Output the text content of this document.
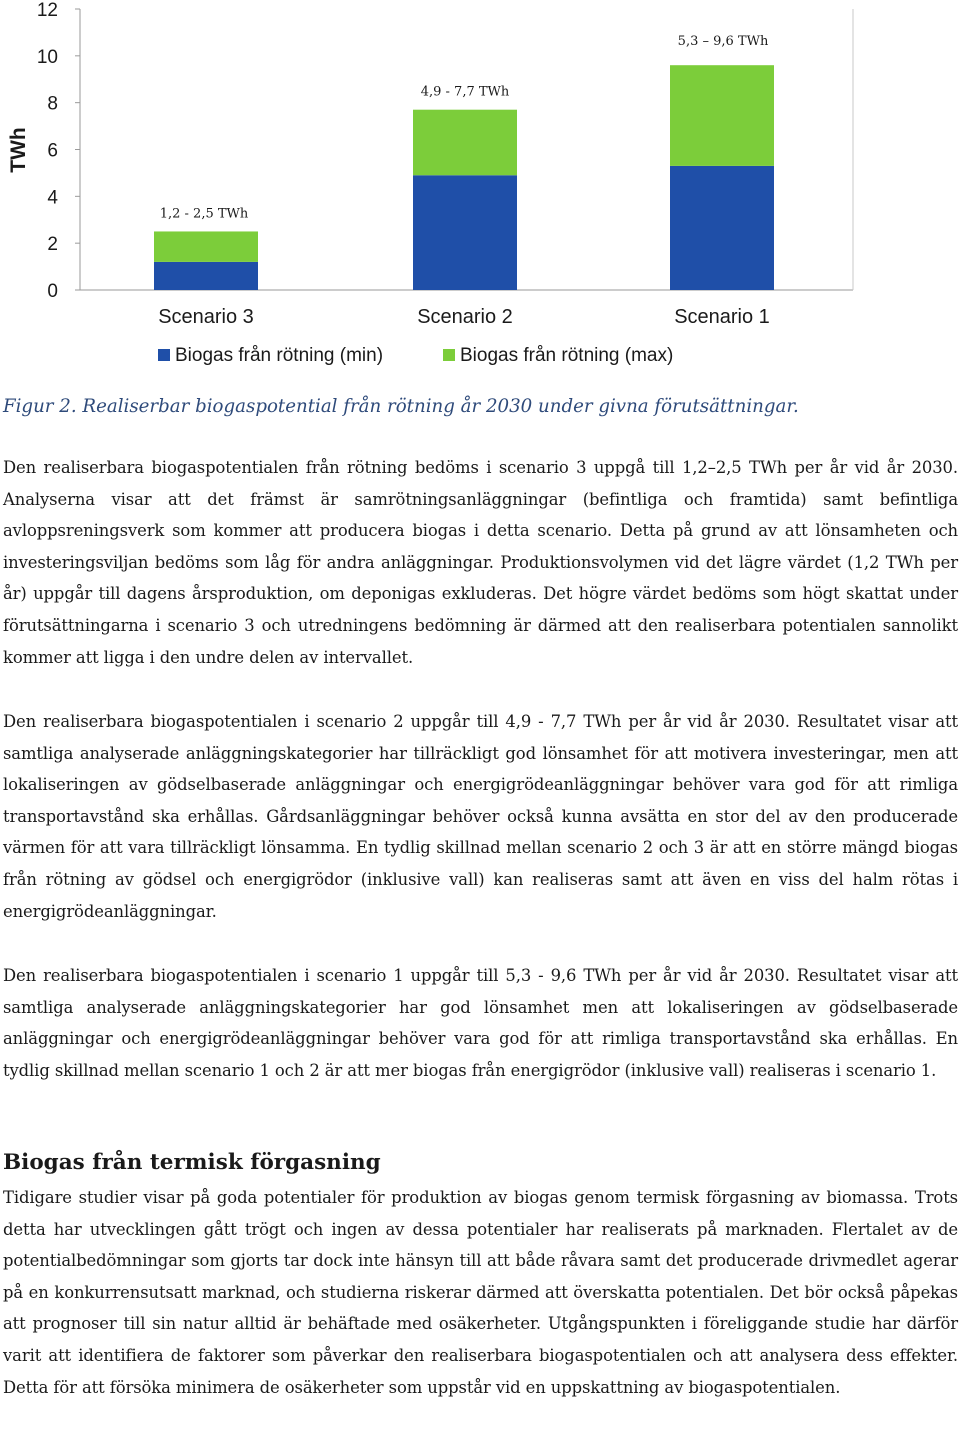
0
2
4
6
8
10
12
TWh
Scenario 3
1,2 - 2,5 TWh
Scenario 2
4,9 - 7,7 TWh
Scenario 1
5,3 – 9,6 TWh
Biogas från rötning (min)	Biogas från rötning (max)

Figur 2. Realiserbar biogaspotential från rötning år 2030 under givna förutsättningar.

Den realiserbara biogaspotentialen från rötning bedöms i scenario 3 uppgå till 1,2–2,5 TWh per år vid år 2030. Analyserna visar att det främst är samrötningsanläggningar (befintliga och framtida) samt befintliga avloppsreningsverk som kommer att producera biogas i detta scenario. Detta på grund av att lönsamheten och investeringsviljan bedöms som låg för andra anläggningar. Produktionsvolymen vid det lägre värdet (1,2 TWh per år) uppgår till dagens årsproduktion, om deponigas exkluderas. Det högre värdet bedöms som högt skattat under förutsättningarna i scenario 3 och utredningens bedömning är därmed att den realiserbara potentialen sannolikt kommer att ligga i den undre delen av intervallet.

Den realiserbara biogaspotentialen i scenario 2 uppgår till 4,9 - 7,7 TWh per år vid år 2030. Resultatet visar att samtliga analyserade anläggningskategorier har tillräckligt god lönsamhet för att motivera investeringar, men att lokaliseringen av gödselbaserade anläggningar och energigrödeanläggningar behöver vara god för att rimliga transportavstånd ska erhållas. Gårdsanläggningar behöver också kunna avsätta en stor del av den producerade värmen för att vara tillräckligt lönsamma. En tydlig skillnad mellan scenario 2 och 3 är att en större mängd biogas från rötning av gödsel och energigrödor (inklusive vall) kan realiseras samt att även en viss del halm rötas i energigrödeanläggningar.

Den realiserbara biogaspotentialen i scenario 1 uppgår till 5,3 - 9,6 TWh per år vid år 2030. Resultatet visar att samtliga analyserade anläggningskategorier har god lönsamhet men att lokaliseringen av gödselbaserade anläggningar och energigrödeanläggningar behöver vara god för att rimliga transportavstånd ska erhållas. En tydlig skillnad mellan scenario 1 och 2 är att mer biogas från energigrödor (inklusive vall) realiseras i scenario 1.

Biogas från termisk förgasning

Tidigare studier visar på goda potentialer för produktion av biogas genom termisk förgasning av biomassa. Trots detta har utvecklingen gått trögt och ingen av dessa potentialer har realiserats på marknaden. Flertalet av de potentialbedömningar som gjorts tar dock inte hänsyn till att både råvara samt det producerade drivmedlet agerar på en konkurrensutsatt marknad, och studierna riskerar därmed att överskatta potentialen. Det bör också påpekas att prognoser till sin natur alltid är behäftade med osäkerheter. Utgångspunkten i föreliggande studie har därför varit att identifiera de faktorer som påverkar den realiserbara biogaspotentialen och att analysera dess effekter. Detta för att försöka minimera de osäkerheter som uppstår vid en uppskattning av biogaspotentialen.
